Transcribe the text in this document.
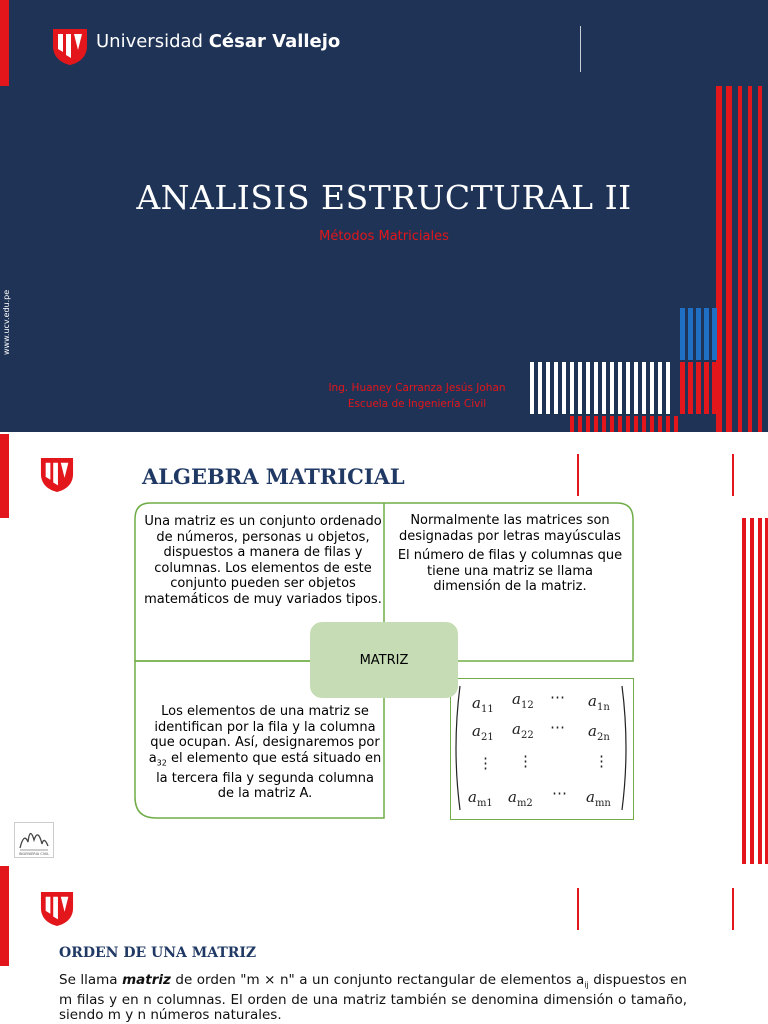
Universidad César Vallejo
www.ucv.edu.pe
ANALISIS ESTRUCTURAL II
Métodos Matriciales
Ing. Huaney Carranza Jesús Johan
Escuela de Ingeniería Civil
ALGEBRA MATRICIAL
Una matriz es un conjunto ordenado de números, personas u objetos, dispuestos a manera de filas y columnas. Los elementos de este conjunto pueden ser objetos matemáticos de muy variados tipos.
Normalmente las matrices son designadas por letras mayúsculas
El número de filas y columnas que tiene una matriz se llama dimensión de la matriz.
Los elementos de una matriz se identifican por la fila y la columna que ocupan. Así, designaremos por $a_{32}$ el elemento que está situado en la tercera fila y segunda columna de la matriz A.
MATRIZ
$a_{11}$
$a_{12}$ ⋯ $a_{1n}$
$a_{21}$ $a_{22}$ ⋯ $a_{2n}$
⋮ ⋮	⋮
$a_{m1}$ $a_{m2}$
⋯ $a_{mn}$
INGENIERIA CIVIL
ORDEN DE UNA MATRIZ
Se llama matriz de orden "m × n" a un conjunto rectangular de elementos $a_{ij}$ dispuestos en m filas y en n columnas. El orden de una matriz también se denomina dimensión o tamaño, siendo m y n números naturales.
